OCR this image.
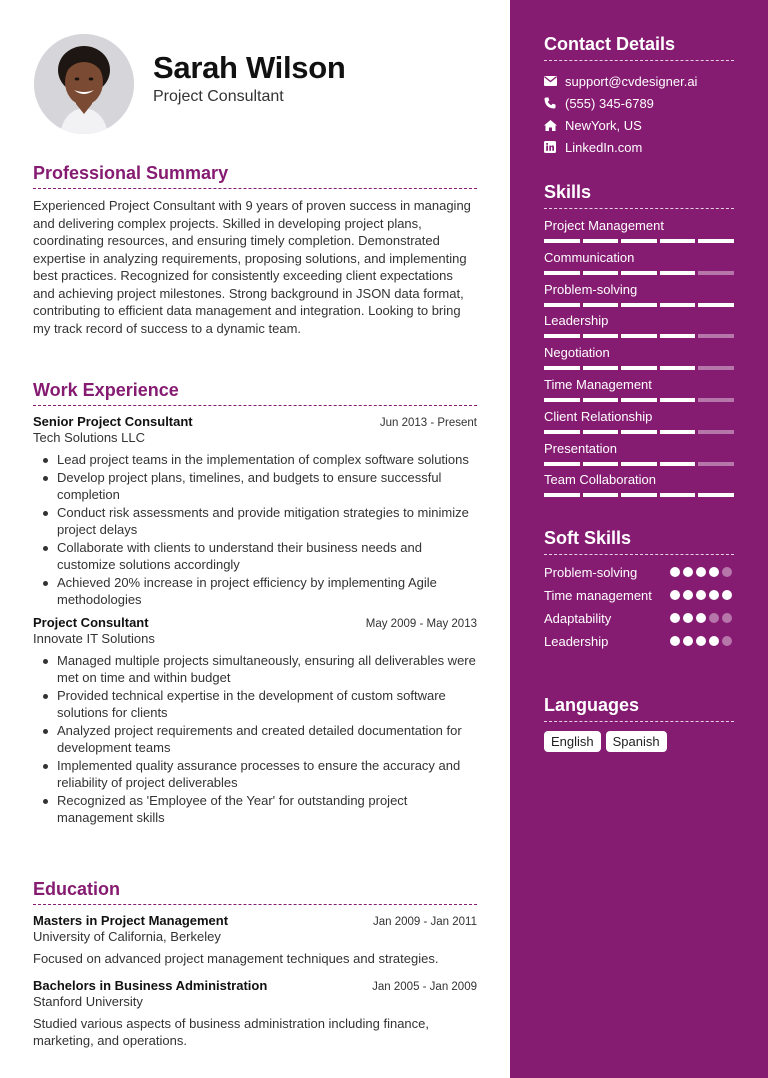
Sarah Wilson
Project Consultant
Professional Summary

Experienced Project Consultant with 9 years of proven success in managing and delivering complex projects. Skilled in developing project plans, coordinating resources, and ensuring timely completion. Demonstrated expertise in analyzing requirements, proposing solutions, and implementing best practices. Recognized for consistently exceeding client expectations and achieving project milestones. Strong background in JSON data format, contributing to efficient data management and integration. Looking to bring my track record of success to a dynamic team.

Work Experience
Senior Project Consultant	Jun 2013 - Present
Tech Solutions LLC
Lead project teams in the implementation of complex software solutions
Develop project plans, timelines, and budgets to ensure successful completion
Conduct risk assessments and provide mitigation strategies to minimize project delays
Collaborate with clients to understand their business needs and customize solutions accordingly
Achieved 20% increase in project efficiency by implementing Agile methodologies
Project Consultant	May 2009 - May 2013
Innovate IT Solutions
Managed multiple projects simultaneously, ensuring all deliverables were met on time and within budget
Provided technical expertise in the development of custom software solutions for clients
Analyzed project requirements and created detailed documentation for development teams
Implemented quality assurance processes to ensure the accuracy and reliability of project deliverables
Recognized as 'Employee of the Year' for outstanding project management skills
Education
Masters in Project Management	Jan 2009 - Jan 2011
University of California, Berkeley
Focused on advanced project management techniques and strategies.
Bachelors in Business Administration	Jan 2005 - Jan 2009
Stanford University
Studied various aspects of business administration including finance, marketing, and operations.
Contact Details
support@cvdesigner.ai
(555) 345-6789
NewYork, US
LinkedIn.com
Skills
Project Management
Communication
Problem-solving
Leadership
Negotiation
Time Management
Client Relationship
Presentation
Team Collaboration
Soft Skills
Problem-solving
Time management
Adaptability
Leadership
Languages
English	Spanish
